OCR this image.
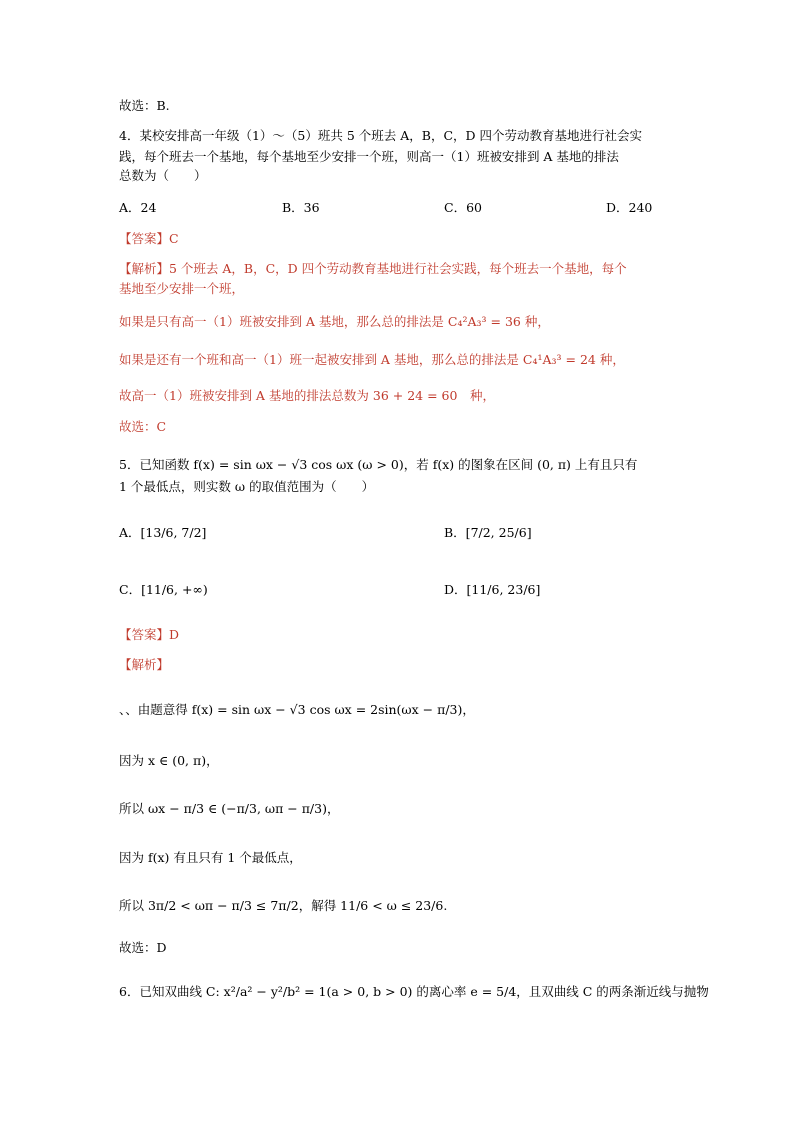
故选：B.
4．某校安排高一年级（1）～（5）班共 5 个班去 A，B，C，D 四个劳动教育基地进行社会实
践，每个班去一个基地，每个基地至少安排一个班，则高一（1）班被安排到 A 基地的排法
总数为（　　）
A．24	B．36	C．60	D．240
【答案】C
【解析】5 个班去 A，B，C，D 四个劳动教育基地进行社会实践，每个班去一个基地，每个
基地至少安排一个班，
如果是只有高一（1）班被安排到 A 基地，那么总的排法是 C₄²A₃³ = 36 种，
如果是还有一个班和高一（1）班一起被安排到 A 基地，那么总的排法是 C₄¹A₃³ = 24 种，
故高一（1）班被安排到 A 基地的排法总数为 36 + 24 = 60　种，
故选：C
5．已知函数 f(x) = sin ωx − √3 cos ωx (ω > 0)，若 f(x) 的图象在区间 (0, π) 上有且只有
1 个最低点，则实数 ω 的取值范围为（　　）
A．[13/6, 7/2]	B．[7/2, 25/6]
C．[11/6, +∞)	D．[11/6, 23/6]
【答案】D
【解析】
、、由题意得 f(x) = sin ωx − √3 cos ωx = 2sin(ωx − π/3)，
因为 x ∈ (0, π)，
所以 ωx − π/3 ∈ (−π/3, ωπ − π/3)，
因为 f(x) 有且只有 1 个最低点，
所以 3π/2 < ωπ − π/3 ≤ 7π/2，解得 11/6 < ω ≤ 23/6.
故选：D
6．已知双曲线 C: x²/a² − y²/b² = 1(a > 0, b > 0) 的离心率 e = 5/4，且双曲线 C 的两条渐近线与抛物
